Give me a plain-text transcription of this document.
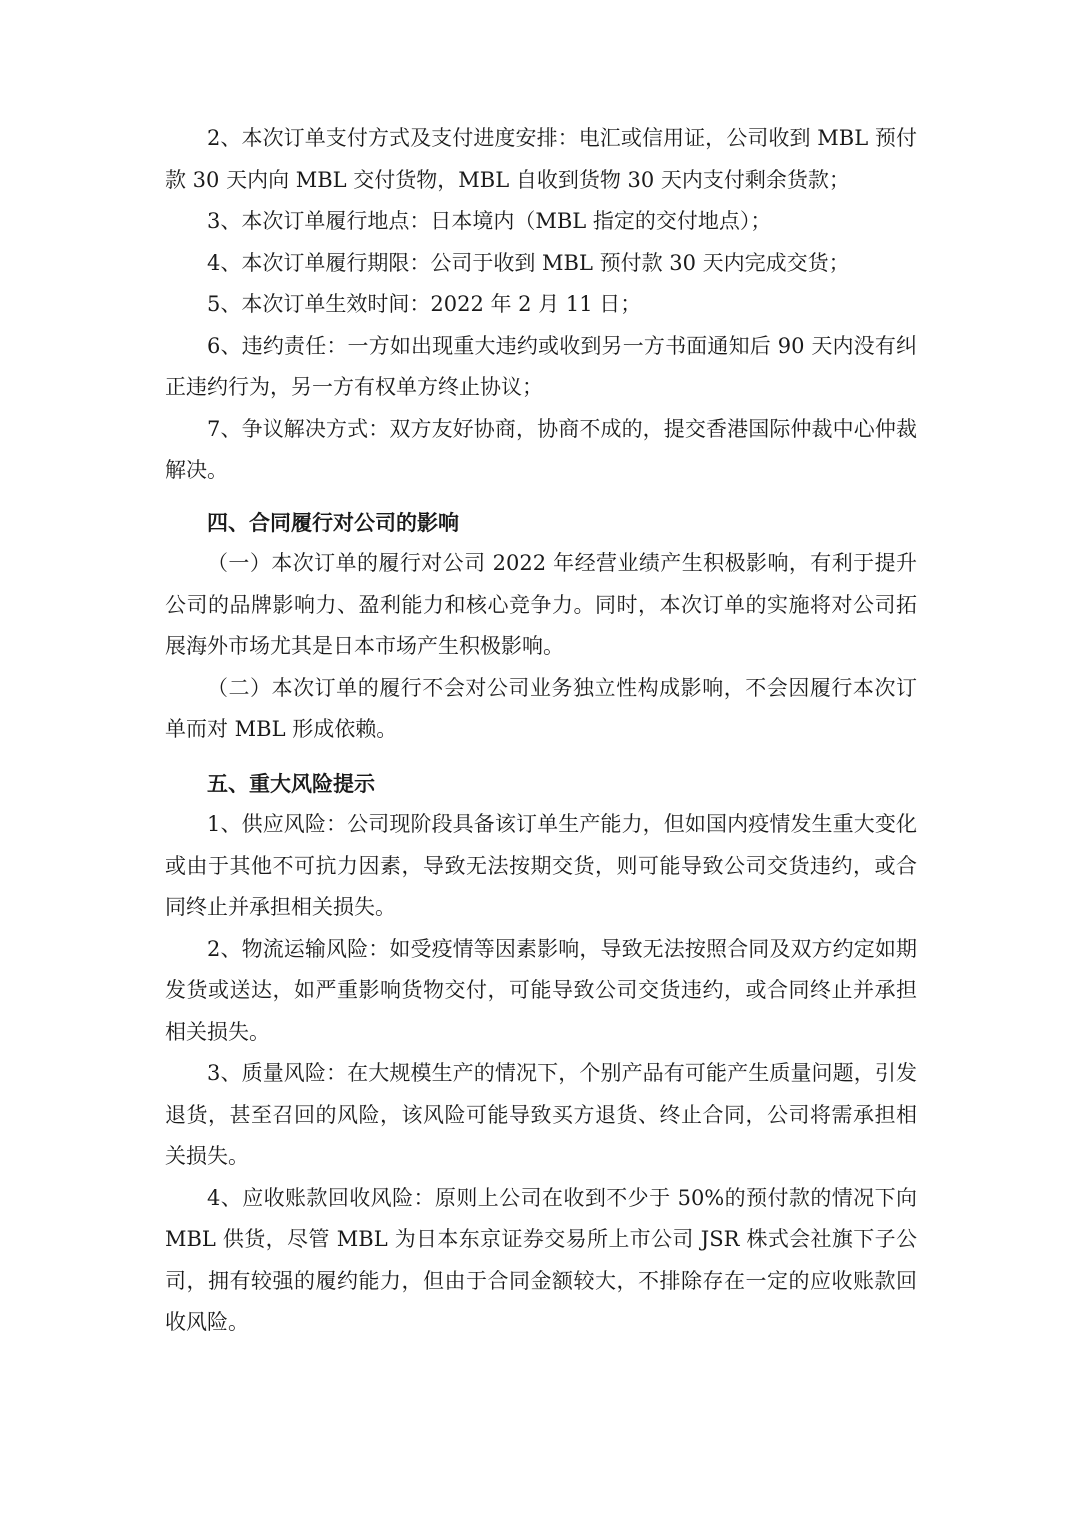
2、本次订单支付方式及支付进度安排：电汇或信用证，公司收到 MBL 预付款 30 天内向 MBL 交付货物，MBL 自收到货物 30 天内支付剩余货款；

3、本次订单履行地点：日本境内（MBL 指定的交付地点）；

4、本次订单履行期限：公司于收到 MBL 预付款 30 天内完成交货；

5、本次订单生效时间：2022 年 2 月 11 日；

6、违约责任：一方如出现重大违约或收到另一方书面通知后 90 天内没有纠正违约行为，另一方有权单方终止协议；

7、争议解决方式：双方友好协商，协商不成的，提交香港国际仲裁中心仲裁解决。

四、合同履行对公司的影响

（一）本次订单的履行对公司 2022 年经营业绩产生积极影响，有利于提升公司的品牌影响力、盈利能力和核心竞争力。同时，本次订单的实施将对公司拓展海外市场尤其是日本市场产生积极影响。

（二）本次订单的履行不会对公司业务独立性构成影响，不会因履行本次订单而对 MBL 形成依赖。

五、重大风险提示

1、供应风险：公司现阶段具备该订单生产能力，但如国内疫情发生重大变化或由于其他不可抗力因素，导致无法按期交货，则可能导致公司交货违约，或合同终止并承担相关损失。

2、物流运输风险：如受疫情等因素影响，导致无法按照合同及双方约定如期发货或送达，如严重影响货物交付，可能导致公司交货违约，或合同终止并承担相关损失。

3、质量风险：在大规模生产的情况下，个别产品有可能产生质量问题，引发退货，甚至召回的风险，该风险可能导致买方退货、终止合同，公司将需承担相关损失。

4、应收账款回收风险：原则上公司在收到不少于 50%的预付款的情况下向 MBL 供货，尽管 MBL 为日本东京证券交易所上市公司 JSR 株式会社旗下子公司，拥有较强的履约能力，但由于合同金额较大，不排除存在一定的应收账款回收风险。
